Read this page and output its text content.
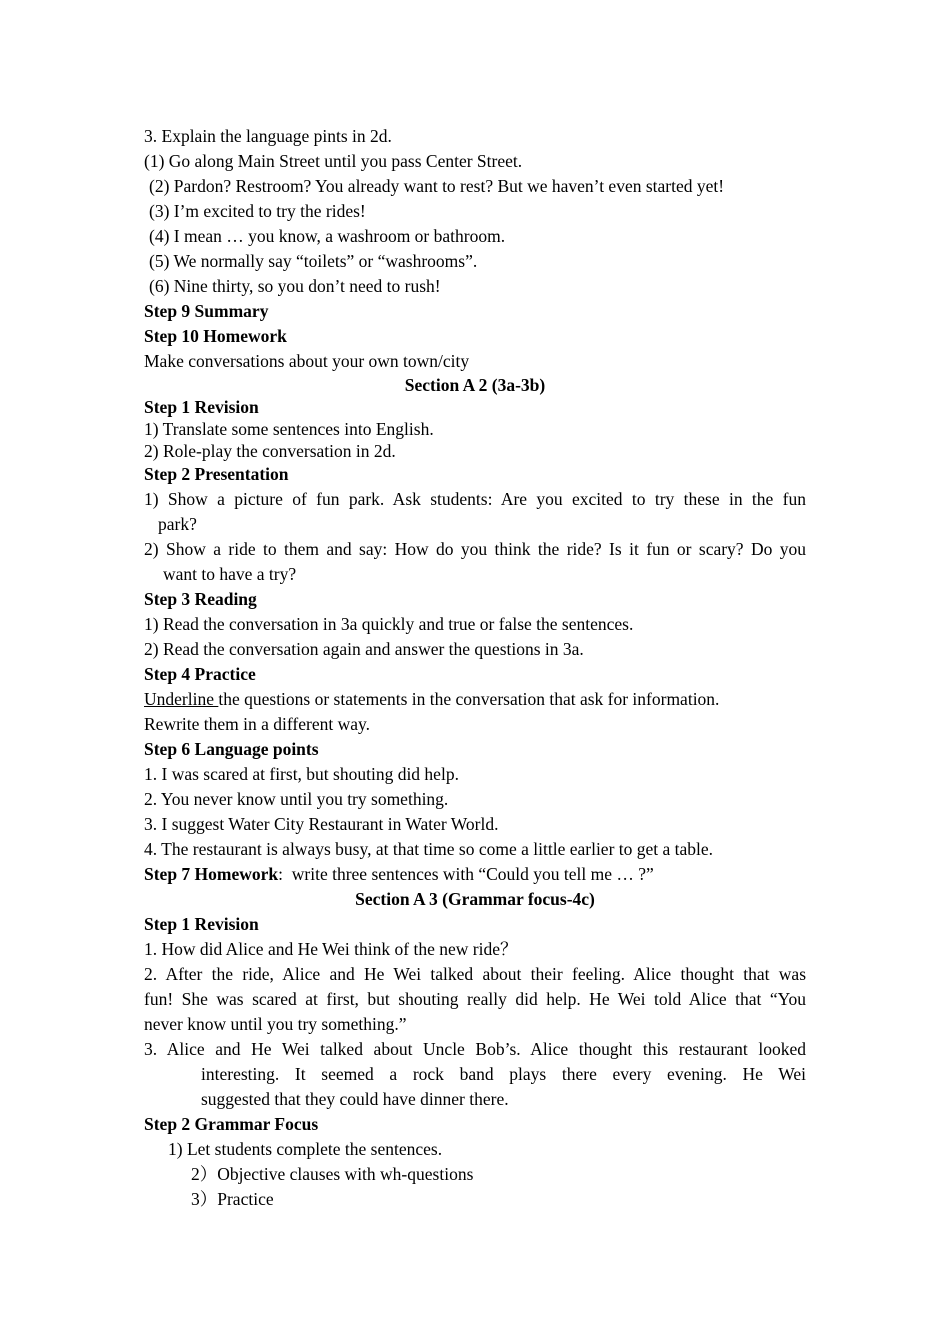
3. Explain the language pints in 2d.
(1) Go along Main Street until you pass Center Street.
(2) Pardon? Restroom? You already want to rest? But we haven’t even started yet!
(3) I’m excited to try the rides!
(4) I mean … you know, a washroom or bathroom.
(5) We normally say “toilets” or “washrooms”.
(6) Nine thirty, so you don’t need to rush!
Step 9 Summary
Step 10 Homework
Make conversations about your own town/city
Section A 2 (3a-3b)
Step 1 Revision
1) Translate some sentences into English.
2) Role-play the conversation in 2d.
Step 2 Presentation
1) Show a picture of fun park. Ask students: Are you excited to try these in the fun
park?
2) Show a ride to them and say: How do you think the ride? Is it fun or scary? Do you
want to have a try?
Step 3 Reading
1) Read the conversation in 3a quickly and true or false the sentences.
2) Read the conversation again and answer the questions in 3a.
Step 4 Practice
Underline the questions or statements in the conversation that ask for information.
Rewrite them in a different way.
Step 6 Language points
1. I was scared at first, but shouting did help.
2. You never know until you try something.
3. I suggest Water City Restaurant in Water World.
4. The restaurant is always busy, at that time so come a little earlier to get a table.
Step 7 Homework:  write three sentences with “Could you tell me … ?”
Section A 3 (Grammar focus-4c)
Step 1 Revision
1. How did Alice and He Wei think of the new ride？
2. After the ride, Alice and He Wei talked about their feeling. Alice thought that was
fun! She was scared at first, but shouting really did help. He Wei told Alice that “You
never know until you try something.”
3. Alice and He Wei talked about Uncle Bob’s. Alice thought this restaurant looked
interesting. It seemed a rock band plays there every evening. He Wei
suggested that they could have dinner there.
Step 2 Grammar Focus
1) Let students complete the sentences.
2）Objective clauses with wh-questions
3）Practice
